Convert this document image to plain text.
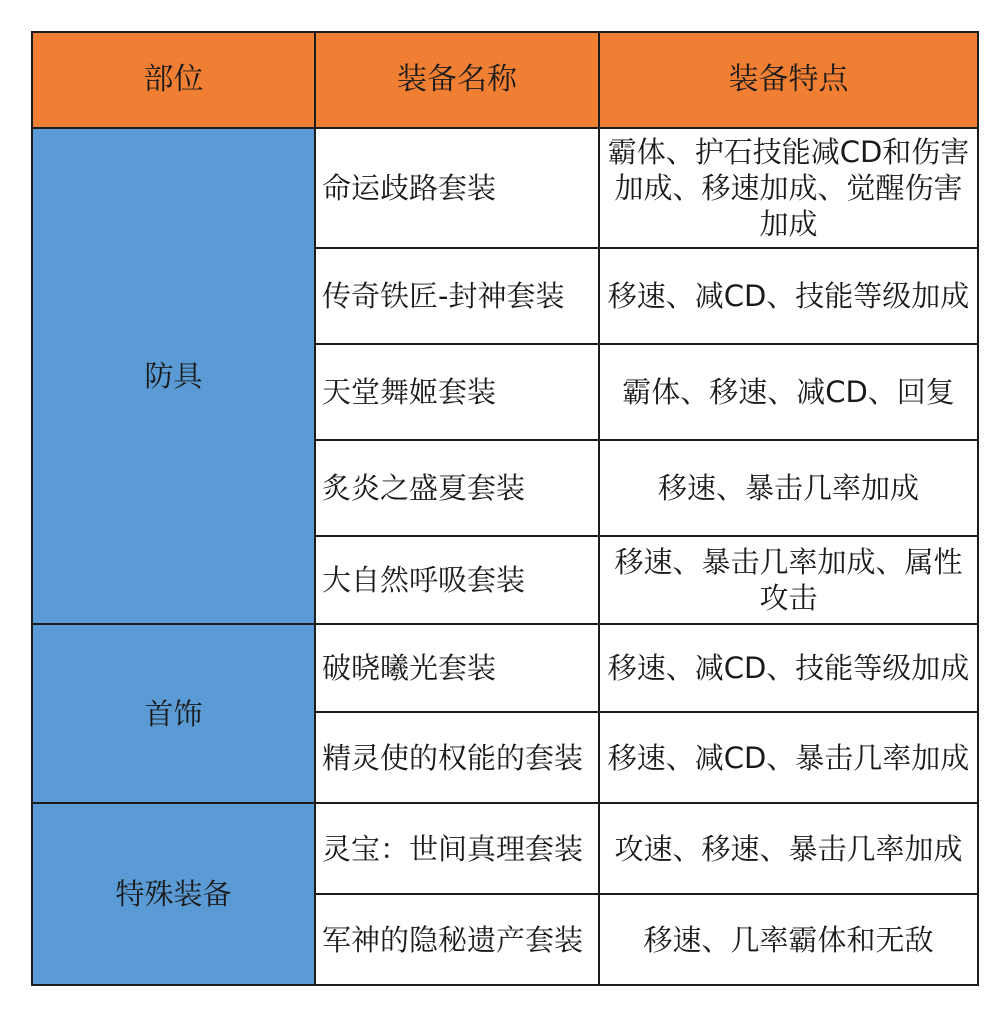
部位	装备名称	装备特点
防具	命运歧路套装	霸体、护石技能减CD和伤害加成、移速加成、觉醒伤害加成
	传奇铁匠-封神套装	移速、减CD、技能等级加成
	天堂舞姬套装	霸体、移速、减CD、回复
	炙炎之盛夏套装	移速、暴击几率加成
	大自然呼吸套装	移速、暴击几率加成、属性攻击
首饰	破晓曦光套装	移速、减CD、技能等级加成
	精灵使的权能的套装	移速、减CD、暴击几率加成
特殊装备	灵宝：世间真理套装	攻速、移速、暴击几率加成
	军神的隐秘遗产套装	移速、几率霸体和无敌
